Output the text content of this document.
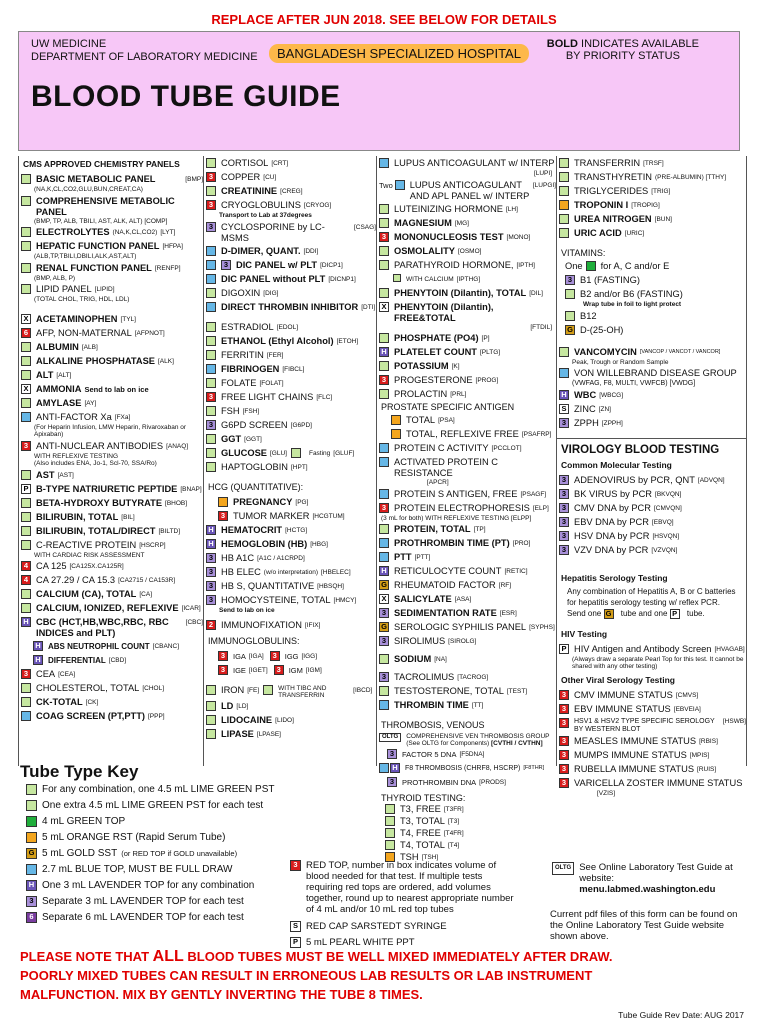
REPLACE AFTER JUN 2018. SEE BELOW FOR DETAILS
UW MEDICINE
DEPARTMENT OF LABORATORY MEDICINE	BANGLADESH SPECIALIZED HOSPITAL
BOLD INDICATES AVAILABLE
BY PRIORITY STATUS
BLOOD TUBE GUIDE
CMS APPROVED CHEMISTRY PANELS
BASIC METABOLIC PANEL	[BMP]
(NA,K,CL,CO2,GLU,BUN,CREAT,CA)
COMPREHENSIVE METABOLIC PANEL
(BMP, TP, ALB, TBILI, AST, ALK, ALT) [COMP]
ELECTROLYTES (NA,K,CL,CO2) [LYT]
HEPATIC FUNCTION PANEL [HFPA]
(ALB,TP,TBILI,DBILI,ALK,AST,ALT)
RENAL FUNCTION PANEL [RENFP]
(BMP, ALB, P)
LIPID PANEL [LIPID]
(TOTAL CHOL, TRIG, HDL, LDL)
X ACETAMINOPHEN [TYL]
6 AFP, NON-MATERNAL [AFPNOT]
ALBUMIN [ALB]
ALKALINE PHOSPHATASE [ALK]
ALT [ALT]
X AMMONIA Send to lab on ice
AMYLASE [AY]
ANTI-FACTOR Xa [FXa]
(For Heparin Infusion, LMW Heparin, Rivaroxaban or Apixaban)
3 ANTI-NUCLEAR ANTIBODIES [ANAQ]
WITH REFLEXIVE TESTING
(Also includes ENA, Jo-1, Scl-70, SSA/Ro)
AST [AST]
P B-TYPE NATRIURETIC PEPTIDE [BNAP]
BETA-HYDROXY BUTYRATE [BHOB]
BILIRUBIN, TOTAL [BIL]
BILIRUBIN, TOTAL/DIRECT [BILTD]
C-REACTIVE PROTEIN [HSCRP]
WITH CARDIAC RISK ASSESSMENT
4 CA 125 [CA125X.CA125R]
4 CA 27.29 / CA 15.3 [CA2715 / CA153R]
CALCIUM (CA), TOTAL [CA]
CALCIUM, IONIZED, REFLEXIVE [ICAR]
H CBC (HCT,HB,WBC,RBC, RBC INDICES and PLT)
[CBC]
H ABS NEUTROPHIL COUNT [CBANC]
H DIFFERENTIAL [CBD]
3 CEA [CEA]
CHOLESTEROL, TOTAL [CHOL]
CK-TOTAL [CK]
COAG SCREEN (PT,PTT) [PPP]
CORTISOL [CRT]
3 COPPER [CU]
CREATININE [CREG]
3 CRYOGLOBULINS [CRYOG]
Transport to Lab at 37degrees
3 CYCLOSPORINE by LC-MSMS
[CSAG]
D-DIMER, QUANT. [DDI]
3 DIC PANEL w/ PLT [DICP1]
DIC PANEL without PLT [DICNP1]
DIGOXIN [DIG]
DIRECT THROMBIN INHIBITOR [DTI]
ESTRADIOL [EDOL]
ETHANOL (Ethyl Alcohol) [ETOH]
FERRITIN [FER]
FIBRINOGEN [FIBCL]
FOLATE [FOLAT]
3 FREE LIGHT CHAINS [FLC]
FSH [FSH]
3 G6PD SCREEN [G6PD]
GGT [GGT]
GLUCOSE [GLU]	Fasting [GLUF]
HAPTOGLOBIN [HPT]
HCG (QUANTITATIVE):
PREGNANCY [PG]
3 TUMOR MARKER [HCGTUM]
H HEMATOCRIT [HCTG]
H HEMOGLOBIN (HB) [HBG]
3 HB A1C [A1C / A1CRPD]
3 HB ELEC (w/o interpretation) [HBELEC]
3 HB S, QUANTITATIVE [HBSQH]
3 HOMOCYSTEINE, TOTAL [HMCY]
Send to lab on ice
2 IMMUNOFIXATION [IFIX]
IMMUNOGLOBULINS:
3	IGA [IGA]	3	IGG [IGG]
3	IGE [IGET]	3	IGM [IGM]
IRON [FE]	WITH TIBC AND TRANSFERRIN
[IBCD]
LD [LD]
LIDOCAINE [LIDO]
LIPASE [LPASE]
LUPUS ANTICOAGULANT w/ INTERP
[LUPI]
Two LUPUS ANTICOAGULANT AND APL PANEL w/ INTERP
[LUPGI]
LUTEINIZING HORMONE [LH]
MAGNESIUM [MG]
3 MONONUCLEOSIS TEST [MONO]
OSMOLALITY [OSMO]
PARATHYROID HORMONE, [IPTH]
WITH CALCIUM [IPTHG]
PHENYTOIN (Dilantin), TOTAL [DIL]
X PHENYTOIN (Dilantin), FREE&TOTAL
[FTDIL]
PHOSPHATE (PO4) [P]
H PLATELET COUNT [PLTG]
POTASSIUM [K]
3 PROGESTERONE [PROG]
PROLACTIN [PRL]
PROSTATE SPECIFIC ANTIGEN
TOTAL [PSA]
TOTAL, REFLEXIVE FREE [PSAFRP]
PROTEIN C ACTIVITY [PCCLOT]
ACTIVATED PROTEIN C RESISTANCE
[APCR]
PROTEIN S ANTIGEN, FREE [PSAGF]
3 PROTEIN ELECTROPHORESIS [ELP]
(3 mL for both) WITH REFLEXIVE TESTING [ELPP]
PROTEIN, TOTAL [TP]
PROTHROMBIN TIME (PT) [PRO]
PTT [PTT]
H RETICULOCYTE COUNT [RETIC]
G RHEUMATOID FACTOR [RF]
X SALICYLATE [ASA]
3 SEDIMENTATION RATE [ESR]
G SEROLOGIC SYPHILIS PANEL [SYPHS]
3 SIROLIMUS [SIROLG]
SODIUM [NA]
3 TACROLIMUS [TACROG]
TESTOSTERONE, TOTAL [TEST]
THROMBIN TIME [TT]
THROMBOSIS, VENOUS
OLTG	COMPREHENSIVE VEN THROMBOSIS GROUP
(See OLTG for Components) [CVTHI / CVTHN]
3	FACTOR 5 DNA [F5DNA]
H	F8 THROMBOSIS (CHRF8, HSCRP) [F8THR]
3	PROTHROMBIN DNA [PRODS]
THYROID TESTING:
T3, FREE [T3FR]
T3, TOTAL [T3]
T4, FREE [T4FR]
T4, TOTAL [T4]
TSH [TSH]
TRANSFERRIN [TRSF]
TRANSTHYRETIN (PRE-ALBUMIN) [TTHY]
TRIGLYCERIDES [TRIG]
TROPONIN I [TROPIG]
UREA NITROGEN [BUN]
URIC ACID [URIC]
VITAMINS:
One for A, C and/or E
3 B1 (FASTING)
B2 and/or B6 (FASTING)
Wrap tube in foil to light protect
B12
G D-(25-OH)
VANCOMYCIN [VANCOP / VANCOT / VANCOR]
Peak, Trough or Random Sample
VON WILLEBRAND DISEASE GROUP
(VWFAG, F8, MULTI, VWFCB) [VWDG]
H WBC [WBCG]
S ZINC [ZN]
3 ZPPH [ZPPH]
VIROLOGY BLOOD TESTING
Common Molecular Testing
3 ADENOVIRUS by PCR, QNT [ADVQN]
3 BK VIRUS by PCR [BKVQN]
3 CMV DNA by PCR [CMVQN]
3 EBV DNA by PCR [EBVQ]
3 HSV DNA by PCR [HSVQN]
3 VZV DNA by PCR [VZVQN]
Hepatitis Serology Testing
Any combination of Hepatitis A, B or C batteries for hepatitis serology testing w/ reflex PCR.
Send one G tube and one P tube.
HIV Testing
P HIV Antigen and Antibody Screen [HVAGAB]
(Always draw a separate Pearl Top for this test. It cannot be shared with any other testing)
Other Viral Serology Testing
3 CMV IMMUNE STATUS [CMVS]
3 EBV IMMUNE STATUS [EBVEIA]
3	HSV1 & HSV2 TYPE SPECIFIC SEROLOGY BY WESTERN BLOT
[HSWB]
3 MEASLES IMMUNE STATUS [RBIS]
3 MUMPS IMMUNE STATUS [MPIS]
3 RUBELLA IMMUNE STATUS [RUIS]
3 VARICELLA ZOSTER IMMUNE STATUS
[VZIS]
Tube Type Key
For any combination, one 4.5 mL LIME GREEN PST
One extra 4.5 mL LIME GREEN PST for each test
4 mL GREEN TOP
5 mL ORANGE RST (Rapid Serum Tube)
G 5 mL GOLD SST (or RED TOP if GOLD unavailable)
2.7 mL BLUE TOP, MUST BE FULL DRAW
H One 3 mL LAVENDER TOP for any combination
3 Separate 3 mL LAVENDER TOP for each test
6 Separate 6 mL LAVENDER TOP for each test
3 RED TOP, number in box indicates volume of blood needed for that test. If multiple tests requiring red tops are ordered, add volumes together, round up to nearest appropriate number of 4 mL and/or 10 mL red top tubes
S RED CAP SARSTEDT SYRINGE
P 5 mL PEARL WHITE PPT
OLTG See Online Laboratory Test Guide at website:
menu.labmed.washington.edu
Current pdf files of this form can be found on the Online Laboratory Test Guide website shown above.
PLEASE NOTE THAT ALL BLOOD TUBES MUST BE WELL MIXED IMMEDIATELY AFTER DRAW.
POORLY MIXED TUBES CAN RESULT IN ERRONEOUS LAB RESULTS OR LAB INSTRUMENT
MALFUNCTION. MIX BY GENTLY INVERTING THE TUBE 8 TIMES.
Tube Guide Rev Date: AUG 2017
